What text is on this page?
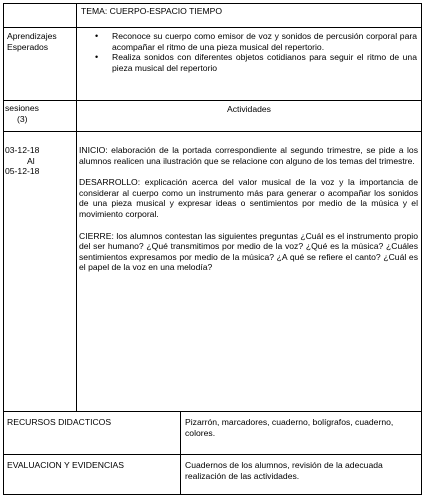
TEMA: CUERPO-ESPACIO TIEMPO

Aprendizajes

Esperados

• Reconoce su cuerpo como emisor de voz y sonidos de percusión corporal para acompañar el ritmo de una pieza musical del repertorio.
• Realiza sonidos con diferentes objetos cotidianos para seguir el ritmo de una pieza musical del repertorio

sesiones

(3)

Actividades

03-12-18

Al

05-12-18

INICIO: elaboración de la portada correspondiente al segundo trimestre, se pide a los alumnos realicen una ilustración que se relacione con alguno de los temas del trimestre.

DESARROLLO: explicación acerca del valor musical de la voz y la importancia de considerar al cuerpo como un instrumento más para generar o acompañar los sonidos de una pieza musical y expresar ideas o sentimientos por medio de la música y el movimiento corporal.

CIERRE: los alumnos contestan las siguientes preguntas ¿Cuál es el instrumento propio del ser humano? ¿Qué transmitimos por medio de la voz? ¿Qué es la música? ¿Cuáles sentimientos expresamos por medio de la música? ¿A qué se refiere el canto? ¿Cuál es el papel de la voz en una melodía?

RECURSOS DIDACTICOS	Pizarrón, marcadores, cuaderno, bolígrafos, cuaderno, colores.

EVALUACION Y EVIDENCIAS	Cuadernos de los alumnos, revisión de la adecuada realización de las actividades.
